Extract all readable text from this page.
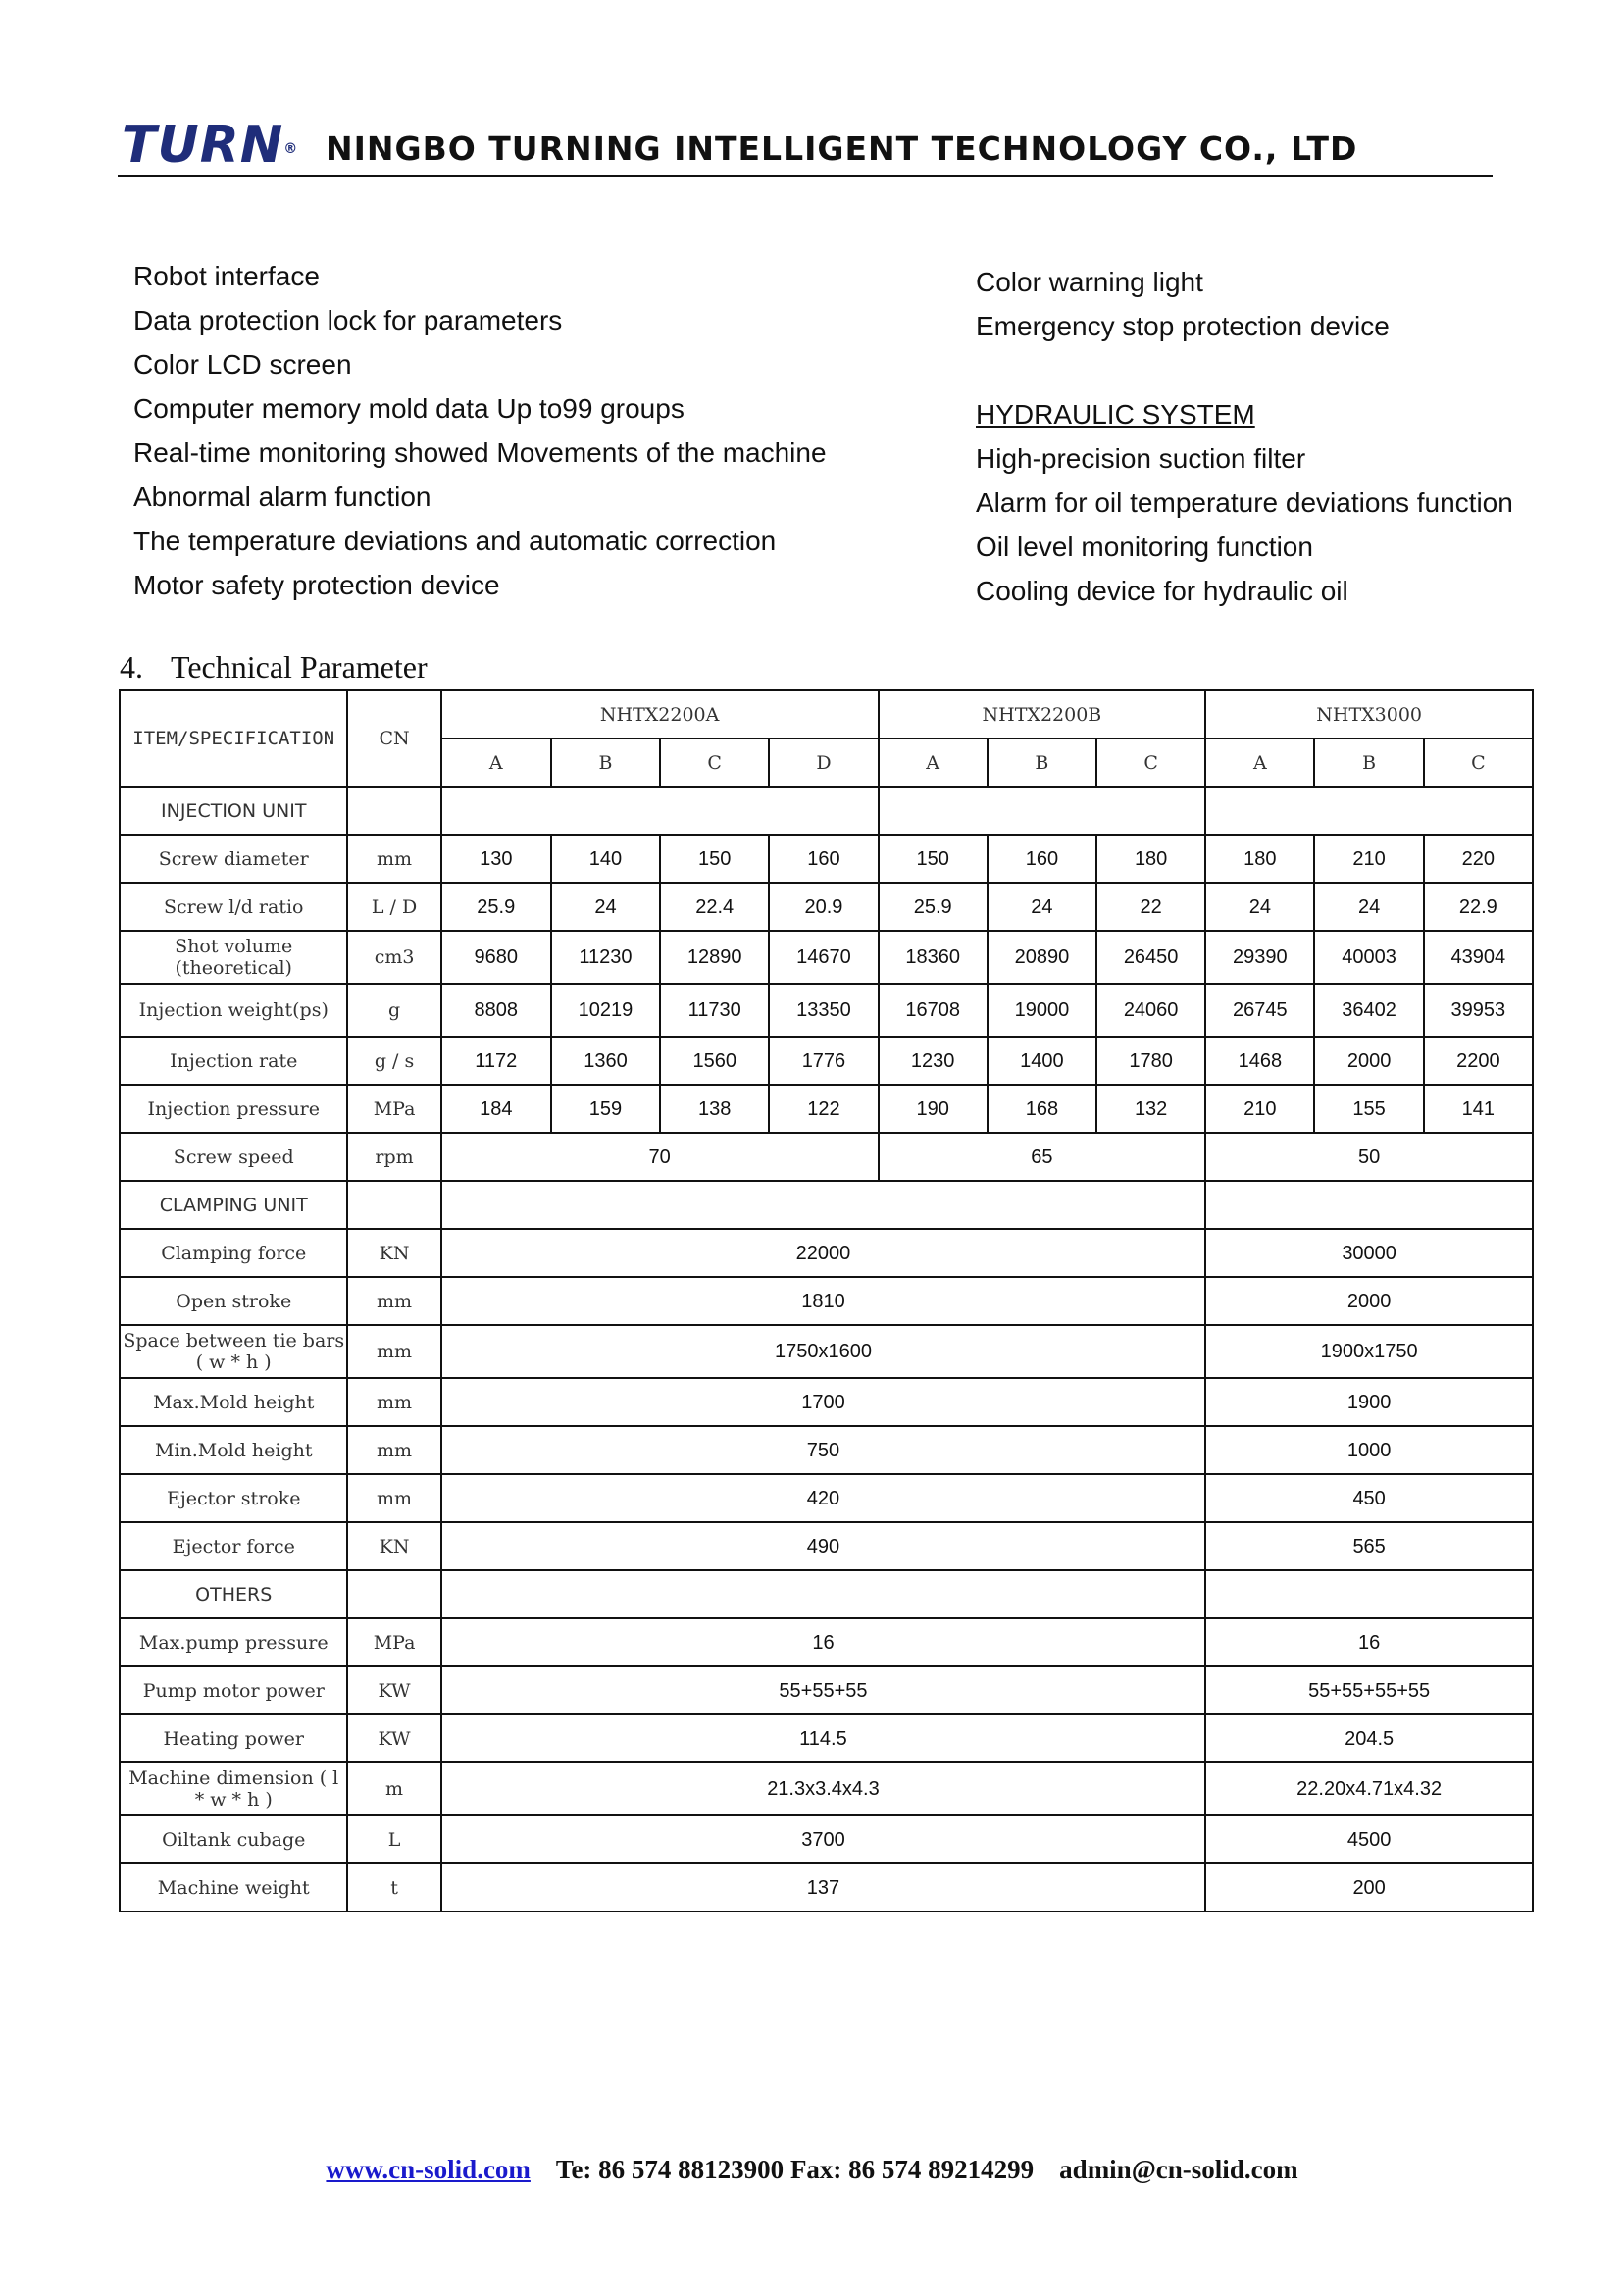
TURN® NINGBO TURNING INTELLIGENT TECHNOLOGY CO., LTD
Robot interface
Data protection lock for parameters
Color LCD screen
Computer memory mold data Up to99 groups
Real-time monitoring showed Movements of the machine
Abnormal alarm function
The temperature deviations and automatic correction
Motor safety protection device
Color warning light
Emergency stop protection device
HYDRAULIC SYSTEM
High-precision suction filter
Alarm for oil temperature deviations function
Oil level monitoring function
Cooling device for hydraulic oil
4. Technical Parameter
ITEM/SPECIFICATION	CN	NHTX2200A				NHTX2200B			NHTX3000		
		A	B	C	D	A	B	C	A	B	C
INJECTION UNIT											
Screw diameter	mm	130	140	150	160	150	160	180	180	210	220
Screw l/d ratio	L / D	25.9	24	22.4	20.9	25.9	24	22	24	24	22.9
Shot volume (theoretical)	cm3	9680	11230	12890	14670	18360	20890	26450	29390	40003	43904
Injection weight(ps)	g	8808	10219	11730	13350	16708	19000	24060	26745	36402	39953
Injection rate	g / s	1172	1360	1560	1776	1230	1400	1780	1468	2000	2200
Injection pressure	MPa	184	159	138	122	190	168	132	210	155	141
Screw speed	rpm	70				65			50		
CLAMPING UNIT											
Clamping force	KN	22000							30000		
Open stroke	mm	1810							2000		
Space between tie bars ( w * h )	mm	1750x1600							1900x1750		
Max.Mold height	mm	1700							1900		
Min.Mold height	mm	750							1000		
Ejector stroke	mm	420							450		
Ejector force	KN	490							565		
OTHERS											
Max.pump pressure	MPa	16							16		
Pump motor power	KW	55+55+55							55+55+55+55		
Heating power	KW	114.5							204.5		
Machine dimension ( l * w * h )	m	21.3x3.4x4.3							22.20x4.71x4.32		
Oiltank cubage	L	3700							4500		
Machine weight	t	137							200		
www.cn-solid.com Te: 86 574 88123900 Fax: 86 574 89214299 admin@cn-solid.com
